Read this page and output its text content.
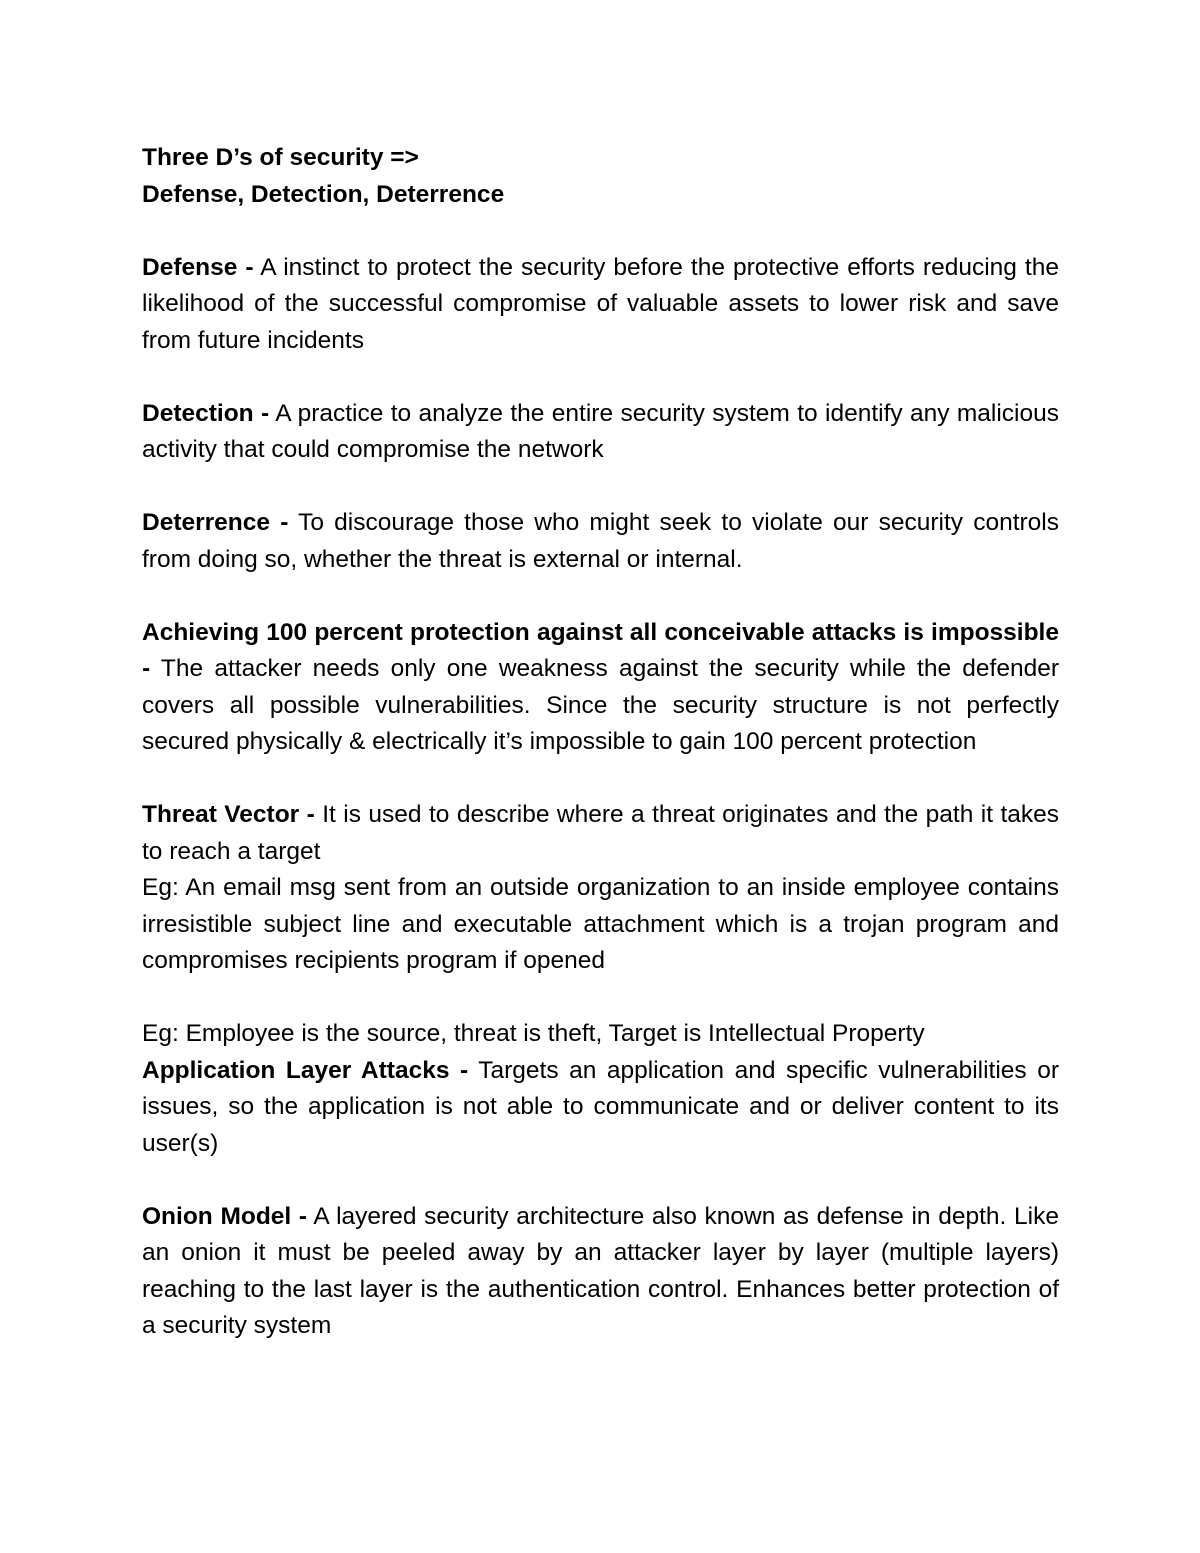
Three D’s of security =>

Defense, Detection, Deterrence

Defense - A instinct to protect the security before the protective efforts reducing the likelihood of the successful compromise of valuable assets to lower risk and save from future incidents

Detection - A practice to analyze the entire security system to identify any malicious activity that could compromise the network

Deterrence - To discourage those who might seek to violate our security controls from doing so, whether the threat is external or internal.

Achieving 100 percent protection against all conceivable attacks is impossible - The attacker needs only one weakness against the security while the defender covers all possible vulnerabilities. Since the security structure is not perfectly secured physically & electrically it’s impossible to gain 100 percent protection

Threat Vector - It is used to describe where a threat originates and the path it takes to reach a target

Eg: An email msg sent from an outside organization to an inside employee contains irresistible subject line and executable attachment which is a trojan program and compromises recipients program if opened

Eg: Employee is the source, threat is theft, Target is Intellectual Property

Application Layer Attacks - Targets an application and specific vulnerabilities or issues, so the application is not able to communicate and or deliver content to its user(s)

Onion Model - A layered security architecture also known as defense in depth. Like an onion it must be peeled away by an attacker layer by layer (multiple layers) reaching to the last layer is the authentication control. Enhances better protection of a security system
